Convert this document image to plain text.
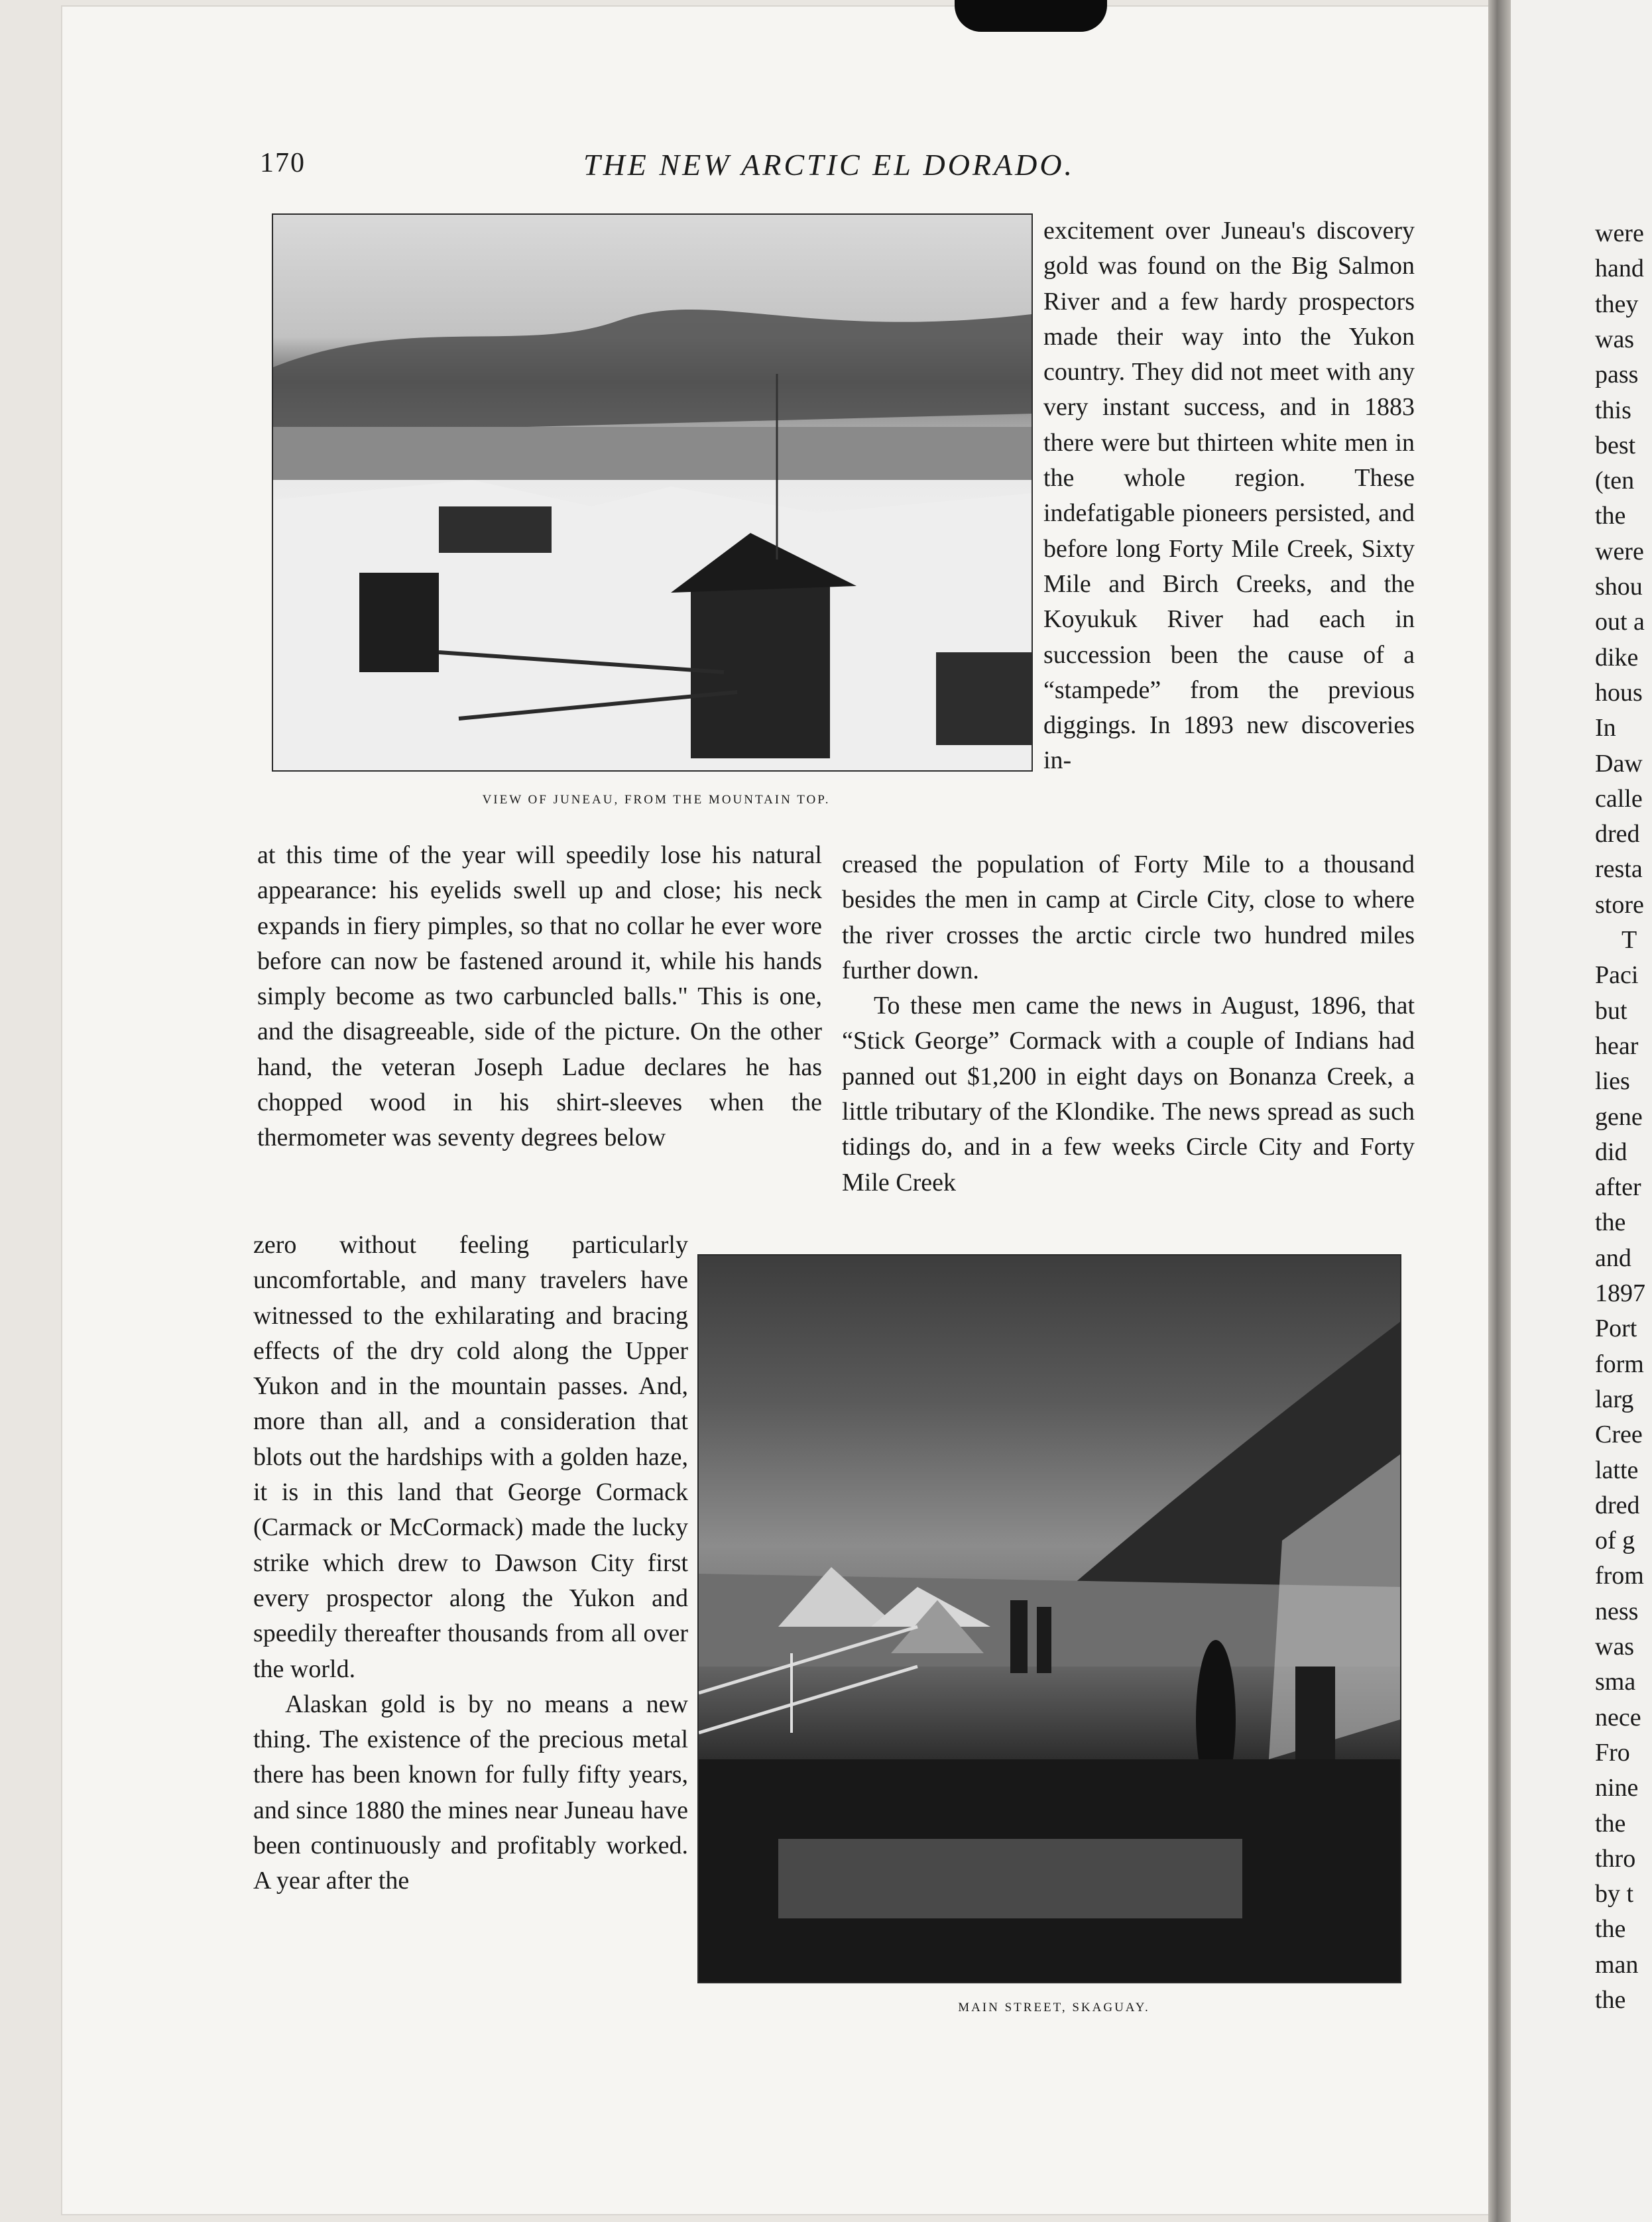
170	THE NEW ARCTIC EL DORADO.
VIEW OF JUNEAU, FROM THE MOUNTAIN TOP.
MAIN STREET, SKAGUAY.

excitement over Juneau's discovery gold was found on the Big Salmon River and a few hardy prospectors made their way into the Yukon country. They did not meet with any very instant success, and in 1883 there were but thirteen white men in the whole region. These indefatigable pioneers persisted, and before long Forty Mile Creek, Sixty Mile and Birch Creeks, and the Koyukuk River had each in succession been the cause of a “stampede” from the previous diggings. In 1893 new discoveries in-

at this time of the year will speedily lose his natural appearance: his eyelids swell up and close; his neck expands in fiery pimples, so that no collar he ever wore before can now be fastened around it, while his hands simply become as two carbuncled balls." This is one, and the disagreeable, side of the picture. On the other hand, the veteran Joseph Ladue declares he has chopped wood in his shirt-sleeves when the thermometer was seventy degrees below

creased the population of Forty Mile to a thousand besides the men in camp at Circle City, close to where the river crosses the arctic circle two hundred miles further down.

To these men came the news in August, 1896, that “Stick George” Cormack with a couple of Indians had panned out $1,200 in eight days on Bonanza Creek, a little tributary of the Klondike. The news spread as such tidings do, and in a few weeks Circle City and Forty Mile Creek

zero without feeling particularly uncomfortable, and many travelers have witnessed to the exhilarating and bracing effects of the dry cold along the Upper Yukon and in the mountain passes. And, more than all, and a consideration that blots out the hardships with a golden haze, it is in this land that George Cormack (Carmack or McCormack) made the lucky strike which drew to Dawson City first every prospector along the Yukon and speedily thereafter thousands from all over the world.

Alaskan gold is by no means a new thing. The existence of the precious metal there has been known for fully fifty years, and since 1880 the mines near Juneau have been continuously and profitably worked. A year after the

were
hand
they
was
pass
this
best
(ten
the
were
shou
out a
dike
hous
In
Daw
calle
dred
resta
store
T
Paci
but
hear
lies
gene
did
after
the
and
1897
Port
form
larg
Cree
latte
dred
of g
from
ness
was
sma
nece
Fro
nine
the
thro
by t
the
man
the
